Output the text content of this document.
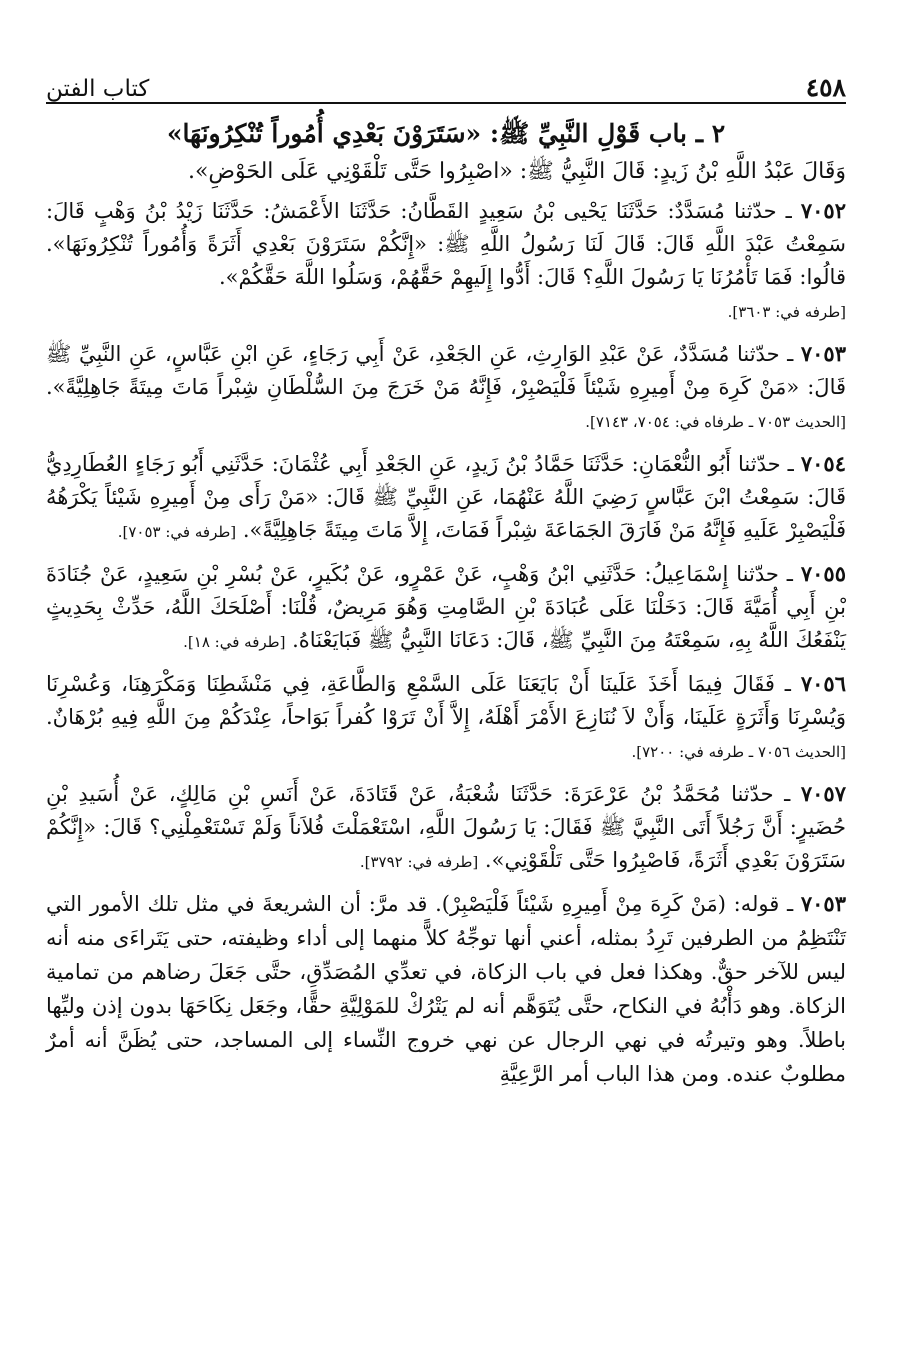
٤٥٨
كتاب الفتن

٢ ـ باب قَوْلِ النَّبِيِّ ﷺ: «سَتَرَوْنَ بَعْدِي أُمُوراً تُنْكِرُونَهَا»

وَقَالَ عَبْدُ اللَّهِ بْنُ زَيدٍ: قَالَ النَّبِيُّ ﷺ: «اصْبِرُوا حَتَّى تَلْقَوْنِي عَلَى الحَوْضِ».

٧٠٥٢ ـ حدّثنا مُسَدَّدٌ: حَدَّثَنَا يَحْيى بْنُ سَعِيدٍ القَطَّانُ: حَدَّثَنَا الأَعْمَشُ: حَدَّثَنَا زَيْدُ بْنُ وَهْبٍ قَالَ: سَمِعْتُ عَبْدَ اللَّهِ قَالَ: قَالَ لَنَا رَسُولُ اللَّهِ ﷺ: «إِنَّكُمْ سَتَرَوْنَ بَعْدِي أَثَرَةً وَأُمُوراً تُنْكِرُونَهَا». قالُوا: فَمَا تَأْمُرُنَا يَا رَسُولَ اللَّهِ؟ قَالَ: أَدُّوا إِلَيهِمْ حَقَّهُمْ، وَسَلُوا اللَّهَ حَقَّكُمْ».

[طرفه في: ٣٦٠٣].

٧٠٥٣ ـ حدّثنا مُسَدَّدٌ، عَنْ عَبْدِ الوَارِثِ، عَنِ الجَعْدِ، عَنْ أَبِي رَجَاءٍ، عَنِ ابْنِ عَبَّاسٍ، عَنِ النَّبِيِّ ﷺ قَالَ: «مَنْ كَرِهَ مِنْ أَمِيرِهِ شَيْئاً فَلْيَصْبِرْ، فَإِنَّهُ مَنْ خَرَجَ مِنَ السُّلْطَانِ شِبْراً مَاتَ مِيتَةً جَاهِلِيَّةً». [الحديث ٧٠٥٣ ـ طرفاه في: ٧٠٥٤، ٧١٤٣].

٧٠٥٤ ـ حدّثنا أَبُو النُّعْمَانِ: حَدَّثَنَا حَمَّادُ بْنُ زَيدٍ، عَنِ الجَعْدِ أَبِي عُثْمَانَ: حَدَّثَنِي أَبُو رَجَاءٍ العُطَارِدِيُّ قَالَ: سَمِعْتُ ابْنَ عَبَّاسٍ رَضِيَ اللَّهُ عَنْهُمَا، عَنِ النَّبِيِّ ﷺ قَالَ: «مَنْ رَأَى مِنْ أَمِيرِهِ شَيْئاً يَكْرَهُهُ فَلْيَصْبِرْ عَلَيهِ فَإِنَّهُ مَنْ فَارَقَ الجَمَاعَةَ شِبْراً فَمَاتَ، إِلاَّ مَاتَ مِيتَةً جَاهِلِيَّةً». [طرفه في: ٧٠٥٣].

٧٠٥٥ ـ حدّثنا إِسْمَاعِيلُ: حَدَّثَنِي ابْنُ وَهْبٍ، عَنْ عَمْرٍو، عَنْ بُكَيرٍ، عَنْ بُسْرِ بْنِ سَعِيدٍ، عَنْ جُنَادَةَ بْنِ أَبِي أُمَيَّةَ قَالَ: دَخَلْنَا عَلَى عُبَادَةَ بْنِ الصَّامِتِ وَهُوَ مَرِيضٌ، قُلْنَا: أَصْلَحَكَ اللَّهُ، حَدِّثْ بِحَدِيثٍ يَنْفَعُكَ اللَّهُ بِهِ، سَمِعْتَهُ مِنَ النَّبِيِّ ﷺ، قَالَ: دَعَانَا النَّبِيُّ ﷺ فَبَايَعْنَاهُ. [طرفه في: ١٨].

٧٠٥٦ ـ فَقَالَ فِيمَا أَخَذَ عَلَينَا أَنْ بَايَعَنَا عَلَى السَّمْعِ وَالطَّاعَةِ، فِي مَنْشَطِنَا وَمَكْرَهِنَا، وَعُسْرِنَا وَيُسْرِنَا وَأَثَرَةٍ عَلَينَا، وَأَنْ لاَ نُنَازِعَ الأَمْرَ أَهْلَهُ، إِلاَّ أَنْ تَرَوْا كُفراً بَوَاحاً، عِنْدَكُمْ مِنَ اللَّهِ فِيهِ بُرْهَانٌ. [الحديث ٧٠٥٦ ـ طرفه في: ٧٢٠٠].

٧٠٥٧ ـ حدّثنا مُحَمَّدُ بْنُ عَرْعَرَةَ: حَدَّثَنَا شُعْبَةُ، عَنْ قَتَادَةَ، عَنْ أَنَسِ بْنِ مَالِكٍ، عَنْ أُسَيدِ بْنِ حُضَيرٍ: أَنَّ رَجُلاً أَتَى النَّبِيَّ ﷺ فَقَالَ: يَا رَسُولَ اللَّهِ، اسْتَعْمَلْتَ فُلاَناً وَلَمْ تَسْتَعْمِلْنِي؟ قَالَ: «إِنَّكُمْ سَتَرَوْنَ بَعْدِي أَثَرَةً، فَاصْبِرُوا حَتَّى تَلْقَوْنِي». [طرفه في: ٣٧٩٢].

٧٠٥٣ ـ قوله: (مَنْ كَرِهَ مِنْ أَمِيرِهِ شَيْئاً فَلْيَصْبِرْ). قد مرَّ: أن الشريعةَ في مثل تلك الأمور التي تَنْتَظِمُ من الطرفين تَرِدُ بمثله، أعني أنها توجِّهُ كلاًّ منهما إلى أداء وظيفته، حتى يَتَراءَى منه أنه ليس للآخر حقٌّ. وهكذا فعل في باب الزكاة، في تعدِّي المُصَدِّقِ، حتَّى جَعَلَ رضاهم من تمامية الزكاة. وهو دَأْبُهُ في النكاح، حتَّى يُتَوَهَّم أنه لم يَتْرُكْ للمَوْلِيَّةِ حقًّا، وجَعَل نِكَاحَهَا بدون إذن وليِّها باطلاً. وهو وتيرتُه في نهي الرجال عن نهي خروج النِّساء إلى المساجد، حتى يُظَنَّ أنه أمرٌ مطلوبٌ عنده. ومن هذا الباب أمر الرَّعِيَّةِ
